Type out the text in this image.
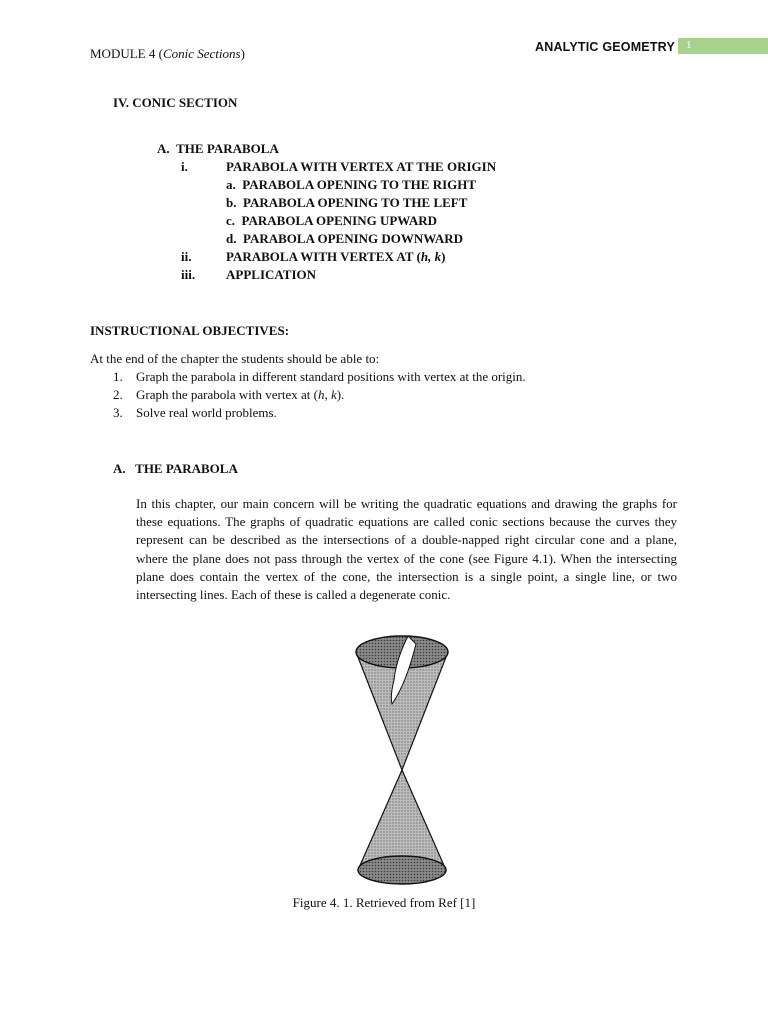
MODULE 4 (Conic Sections)	ANALYTIC GEOMETRY 1
IV. CONIC SECTION
A. THE PARABOLA
i.	PARABOLA WITH VERTEX AT THE ORIGIN
a. PARABOLA OPENING TO THE RIGHT
b. PARABOLA OPENING TO THE LEFT
c. PARABOLA OPENING UPWARD
d. PARABOLA OPENING DOWNWARD
ii.	PARABOLA WITH VERTEX AT (h, k)
iii. APPLICATION
INSTRUCTIONAL OBJECTIVES:
At the end of the chapter the students should be able to:
1. Graph the parabola in different standard positions with vertex at the origin.
2. Graph the parabola with vertex at (h, k).
3. Solve real world problems.
A.   THE PARABOLA
In this chapter, our main concern will be writing the quadratic equations and drawing the graphs for these equations. The graphs of quadratic equations are called conic sections because the curves they represent can be described as the intersections of a double-napped right circular cone and a plane, where the plane does not pass through the vertex of the cone (see Figure 4.1). When the intersecting plane does contain the vertex of the cone, the intersection is a single point, a single line, or two intersecting lines. Each of these is called a degenerate conic.
Figure 4. 1. Retrieved from Ref [1]
